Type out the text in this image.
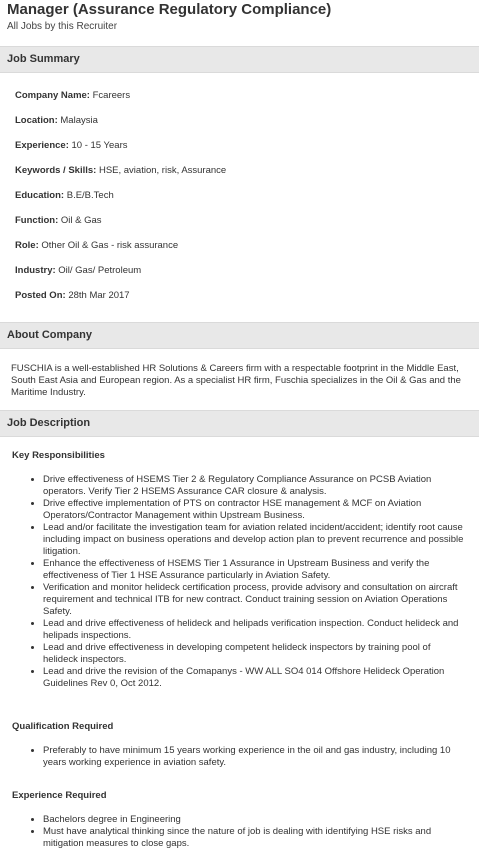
Manager (Assurance Regulatory Compliance)
All Jobs by this Recruiter
Job Summary
Company Name: Fcareers
Location: Malaysia
Experience: 10 - 15 Years
Keywords / Skills: HSE, aviation, risk, Assurance
Education: B.E/B.Tech
Function: Oil & Gas
Role: Other Oil & Gas - risk assurance
Industry: Oil/ Gas/ Petroleum
Posted On: 28th Mar 2017
About Company

FUSCHIA is a well-established HR Solutions & Careers firm with a respectable footprint in the Middle East, South East Asia and European region. As a specialist HR firm, Fuschia specializes in the Oil & Gas and the Maritime Industry.

Job Description
Key Responsibilities
• Drive effectiveness of HSEMS Tier 2 & Regulatory Compliance Assurance on PCSB Aviation operators. Verify Tier 2 HSEMS Assurance CAR closure & analysis.
• Drive effective implementation of PTS on contractor HSE management & MCF on Aviation Operators/Contractor Management within Upstream Business.
• Lead and/or facilitate the investigation team for aviation related incident/accident; identify root cause including impact on business operations and develop action plan to prevent recurrence and possible litigation.
• Enhance the effectiveness of HSEMS Tier 1 Assurance in Upstream Business and verify the effectiveness of Tier 1 HSE Assurance particularly in Aviation Safety.
• Verification and monitor helideck certification process, provide advisory and consultation on aircraft requirement and technical ITB for new contract. Conduct training session on Aviation Operations Safety.
• Lead and drive effectiveness of helideck and helipads verification inspection. Conduct helideck and helipads inspections.
• Lead and drive effectiveness in developing competent helideck inspectors by training pool of helideck inspectors.
• Lead and drive the revision of the Comapanys - WW ALL SO4 014 Offshore Helideck Operation Guidelines Rev 0, Oct 2012.
Qualification Required
• Preferably to have minimum 15 years working experience in the oil and gas industry, including 10 years working experience in aviation safety.
Experience Required
• Bachelors degree in Engineering
• Must have analytical thinking since the nature of job is dealing with identifying HSE risks and mitigation measures to close gaps.
